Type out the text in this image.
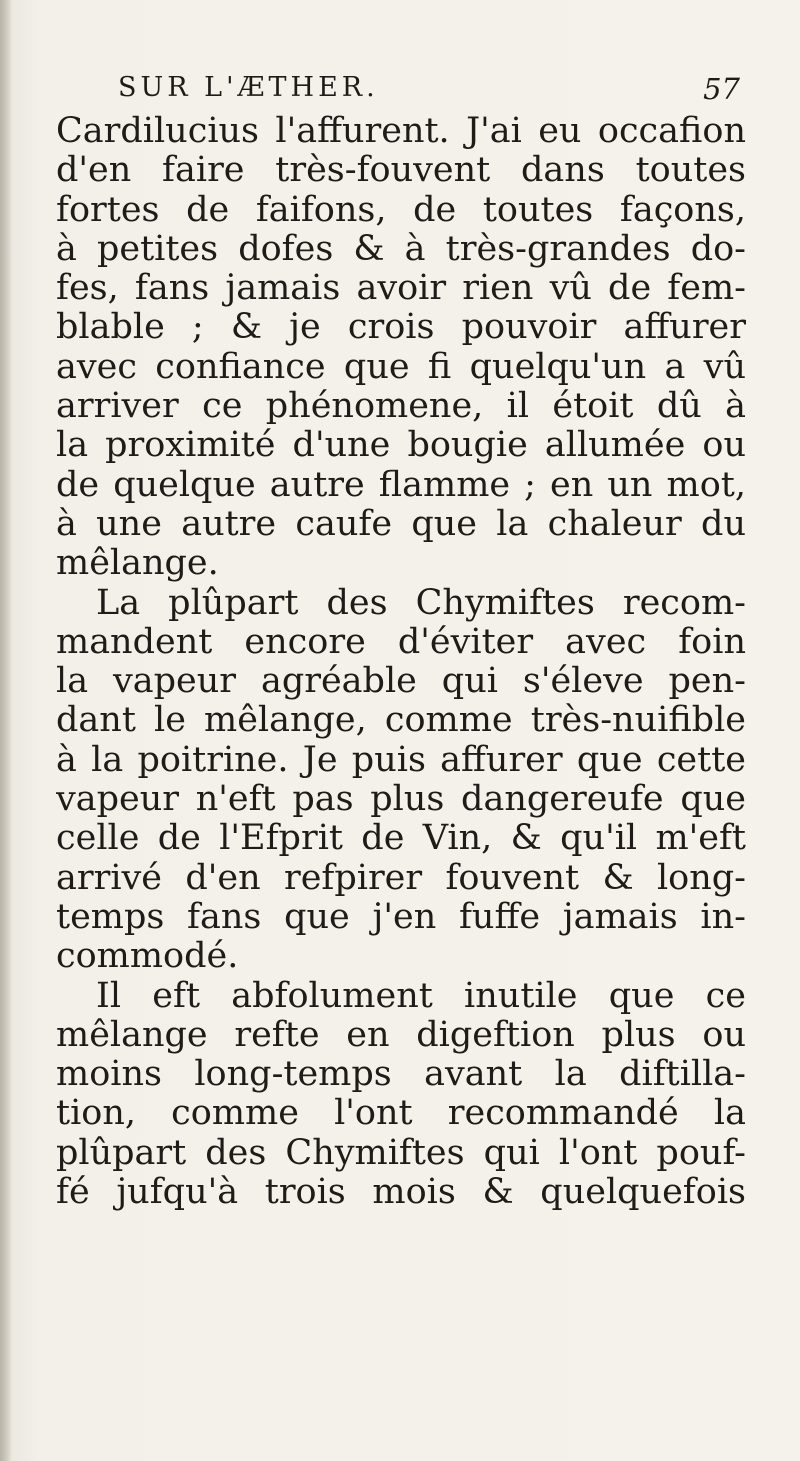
SUR L'ÆTHER.	57
Cardilucius l'affurent. J'ai eu occafion
d'en faire très-fouvent dans toutes
fortes de faifons, de toutes façons,
à petites dofes & à très-grandes do-
fes, fans jamais avoir rien vû de fem-
blable ; & je crois pouvoir affurer
avec confiance que fi quelqu'un a vû
arriver ce phénomene, il étoit dû à
la proximité d'une bougie allumée ou
de quelque autre flamme ; en un mot,
à une autre caufe que la chaleur du
mêlange.
La plûpart des Chymiftes recom-
mandent encore d'éviter avec foin
la vapeur agréable qui s'éleve pen-
dant le mêlange, comme très-nuifible
à la poitrine. Je puis affurer que cette
vapeur n'eft pas plus dangereufe que
celle de l'Efprit de Vin, & qu'il m'eft
arrivé d'en refpirer fouvent & long-
temps fans que j'en fuffe jamais in-
commodé.
Il eft abfolument inutile que ce
mêlange refte en digeftion plus ou
moins long-temps avant la diftilla-
tion, comme l'ont recommandé la
plûpart des Chymiftes qui l'ont pouf-
fé jufqu'à trois mois & quelquefois
